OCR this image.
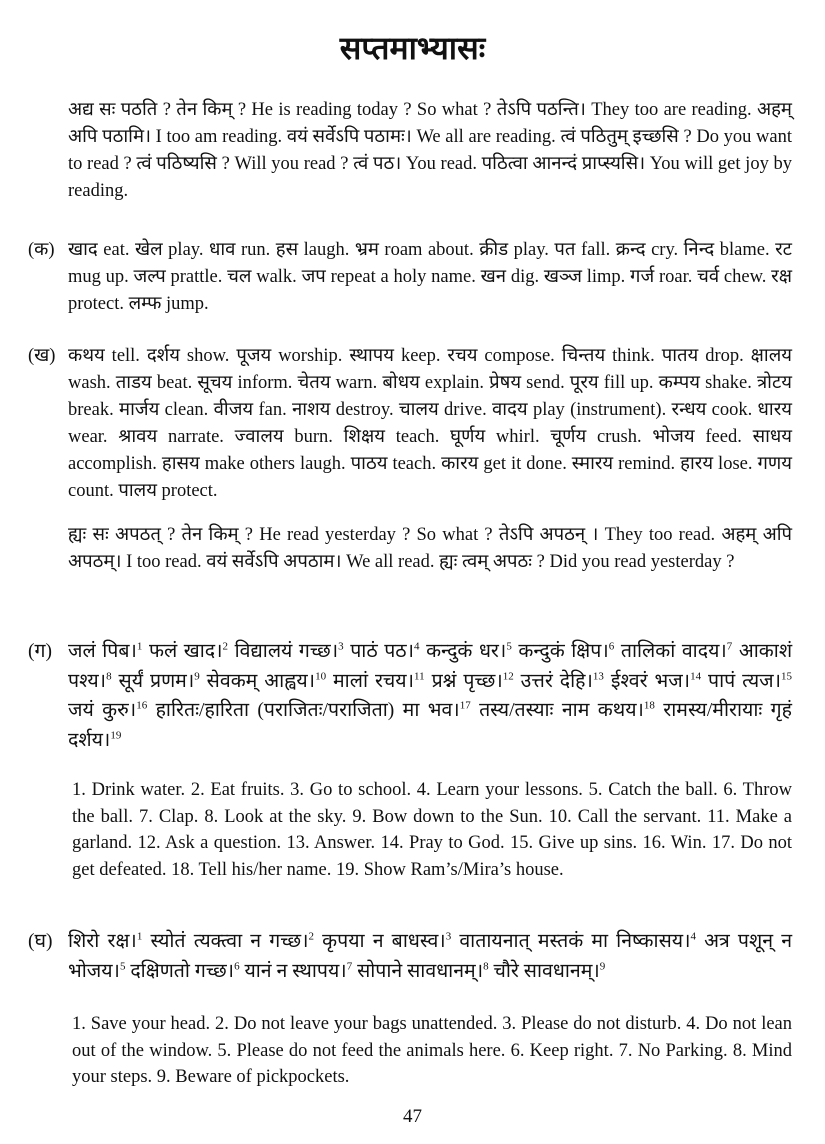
सप्तमाभ्यासः
अद्य सः पठति ? तेन किम् ? He is reading today ? So what ? तेऽपि पठन्ति। They too are reading. अहम् अपि पठामि। I too am reading. वयं सर्वेऽपि पठामः। We all are reading. त्वं पठितुम् इच्छसि ? Do you want to read ? त्वं पठिष्यसि ? Will you read ? त्वं पठ। You read. पठित्वा आनन्दं प्राप्स्यसि। You will get joy by reading.
(क) खाद eat. खेल play. धाव run. हस laugh. भ्रम roam about. क्रीड play. पत fall. क्रन्द cry. निन्द blame. रट mug up. जल्प prattle. चल walk. जप repeat a holy name. खन dig. खञ्ज limp. गर्ज roar. चर्व chew. रक्ष protect. लम्फ jump.
(ख) कथय tell. दर्शय show. पूजय worship. स्थापय keep. रचय compose. चिन्तय think. पातय drop. क्षालय wash. ताडय beat. सूचय inform. चेतय warn. बोधय explain. प्रेषय send. पूरय fill up. कम्पय shake. त्रोटय break. मार्जय clean. वीजय fan. नाशय destroy. चालय drive. वादय play (instrument). रन्धय cook. धारय wear. श्रावय narrate. ज्वालय burn. शिक्षय teach. घूर्णय whirl. चूर्णय crush. भोजय feed. साधय accomplish. हासय make others laugh. पाठय teach. कारय get it done. स्मारय remind. हारय lose. गणय count. पालय protect.
ह्यः सः अपठत् ? तेन किम् ? He read yesterday ? So what ? तेऽपि अपठन् । They too read. अहम् अपि अपठम्। I too read. वयं सर्वेऽपि अपठाम। We all read. ह्यः त्वम् अपठः ? Did you read yesterday ?
(ग) जलं पिब।$^1$ फलं खाद।$^2$ विद्यालयं गच्छ।$^3$ पाठं पठ।$^4$ कन्दुकं धर।$^5$ कन्दुकं क्षिप।$^6$ तालिकां वादय।$^7$ आकाशं पश्य।$^8$ सूर्यं प्रणम।$^9$ सेवकम् आह्वय।$^{10}$ मालां रचय।$^{11}$ प्रश्नं पृच्छ।$^{12}$ उत्तरं देहि।$^{13}$ ईश्वरं भज।$^{14}$ पापं त्यज।$^{15}$ जयं कुरु।$^{16}$ हारितः/हारिता (पराजितः/पराजिता) मा भव।$^{17}$ तस्य/तस्याः नाम कथय।$^{18}$ रामस्य/मीरायाः गृहं दर्शय।$^{19}$
1. Drink water. 2. Eat fruits. 3. Go to school. 4. Learn your lessons. 5. Catch the ball. 6. Throw the ball. 7. Clap. 8. Look at the sky. 9. Bow down to the Sun. 10. Call the servant. 11. Make a garland. 12. Ask a question. 13. Answer. 14. Pray to God. 15. Give up sins. 16. Win. 17. Do not get defeated. 18. Tell his/her name. 19. Show Ram’s/Mira’s house.
(घ) शिरो रक्ष।$^1$ स्योतं त्यक्त्वा न गच्छ।$^2$ कृपया न बाधस्व।$^3$ वातायनात् मस्तकं मा निष्कासय।$^4$ अत्र पशून् न भोजय।$^5$ दक्षिणतो गच्छ।$^6$ यानं न स्थापय।$^7$ सोपाने सावधानम्।$^8$ चौरे सावधानम्।$^9$
1. Save your head. 2. Do not leave your bags unattended. 3. Please do not disturb. 4. Do not lean out of the window. 5. Please do not feed the animals here. 6. Keep right. 7. No Parking. 8. Mind your steps. 9. Beware of pickpockets.
47
